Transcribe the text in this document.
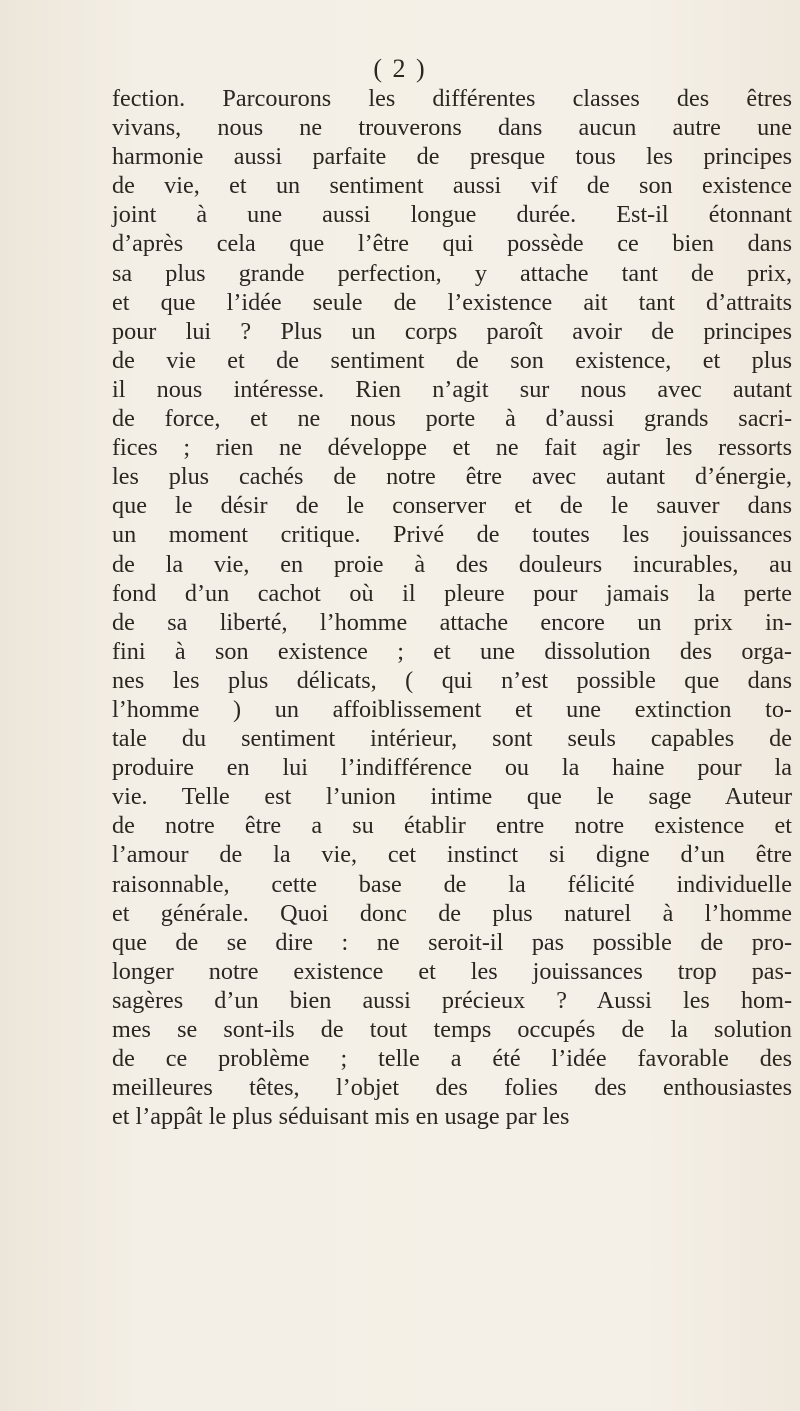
( 2 )
fection. Parcourons les différentes classes des êtres
vivans, nous ne trouverons dans aucun autre une
harmonie aussi parfaite de presque tous les principes
de vie, et un sentiment aussi vif de son existence
joint à une aussi longue durée. Est-il étonnant
d’après cela que l’être qui possède ce bien dans
sa plus grande perfection, y attache tant de prix,
et que l’idée seule de l’existence ait tant d’attraits
pour lui ? Plus un corps paroît avoir de principes
de vie et de sentiment de son existence, et plus
il nous intéresse. Rien n’agit sur nous avec autant
de force, et ne nous porte à d’aussi grands sacri-
fices ; rien ne développe et ne fait agir les ressorts
les plus cachés de notre être avec autant d’énergie,
que le désir de le conserver et de le sauver dans
un moment critique. Privé de toutes les jouissances
de la vie, en proie à des douleurs incurables, au
fond d’un cachot où il pleure pour jamais la perte
de sa liberté, l’homme attache encore un prix in-
fini à son existence ; et une dissolution des orga-
nes les plus délicats, ( qui n’est possible que dans
l’homme ) un affoiblissement et une extinction to-
tale du sentiment intérieur, sont seuls capables de
produire en lui l’indifférence ou la haine pour la
vie. Telle est l’union intime que le sage Auteur
de notre être a su établir entre notre existence et
l’amour de la vie, cet instinct si digne d’un être
raisonnable, cette base de la félicité individuelle
et générale. Quoi donc de plus naturel à l’homme
que de se dire : ne seroit-il pas possible de pro-
longer notre existence et les jouissances trop pas-
sagères d’un bien aussi précieux ? Aussi les hom-
mes se sont-ils de tout temps occupés de la solution
de ce problème ; telle a été l’idée favorable des
meilleures têtes, l’objet des folies des enthousiastes
et l’appât le plus séduisant mis en usage par les
